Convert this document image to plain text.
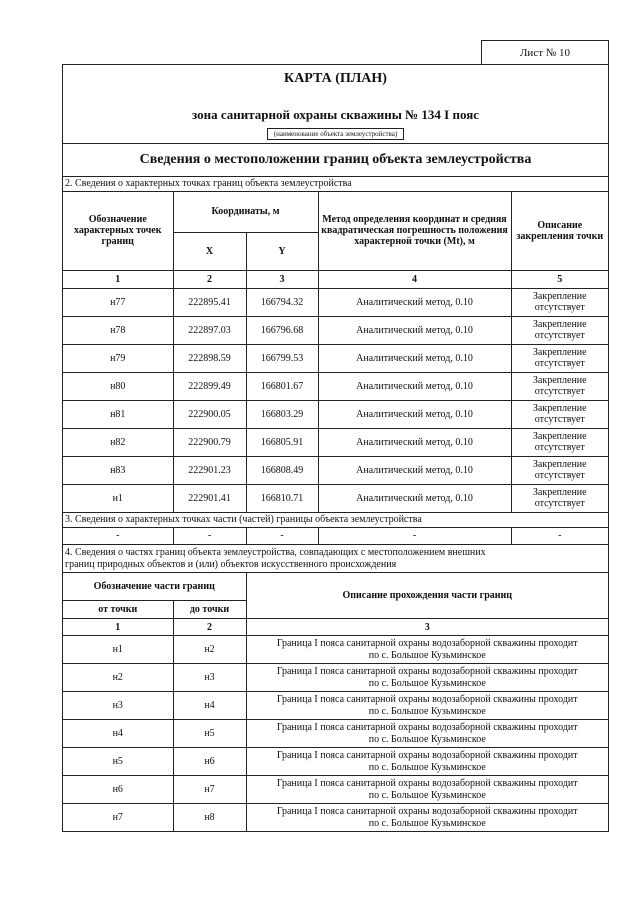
Лист № 10
КАРТА (ПЛАН)
зона санитарной охраны скважины № 134 I пояс
(наименование объекта землеустройства)
Сведения о местоположении границ объекта землеустройства
2. Сведения о характерных точках границ объекта землеустройства
Обозначение характерных точек границ	Координаты, м		Метод определения координат и средняя квадратическая погрешность положения характерной точки (Mt), м	Описание закрепления точки
	X	Y		
1	2	3	4	5
н77	222895.41	166794.32	Аналитический метод, 0.10	Закрепление
отсутствует
н78	222897.03	166796.68	Аналитический метод, 0.10	Закрепление
отсутствует
н79	222898.59	166799.53	Аналитический метод, 0.10	Закрепление
отсутствует
н80	222899.49	166801.67	Аналитический метод, 0.10	Закрепление
отсутствует
н81	222900.05	166803.29	Аналитический метод, 0.10	Закрепление
отсутствует
н82	222900.79	166805.91	Аналитический метод, 0.10	Закрепление
отсутствует
н83	222901.23	166808.49	Аналитический метод, 0.10	Закрепление
отсутствует
н1	222901.41	166810.71	Аналитический метод, 0.10	Закрепление
отсутствует
3. Сведения о характерных точках части (частей) границы объекта землеустройства
-	-	-	-	-
4. Сведения о частях границ объекта землеустройства, совпадающих с местоположением внешних
границ природных объектов и (или) объектов искусственного происхождения
Обозначение части границ		Описание прохождения части границ
от точки	до точки	
1	2	3
н1	н2	Граница I пояса санитарной охраны водозаборной скважины проходит
по с. Большое Кузьминское
н2	н3	Граница I пояса санитарной охраны водозаборной скважины проходит
по с. Большое Кузьминское
н3	н4	Граница I пояса санитарной охраны водозаборной скважины проходит
по с. Большое Кузьминское
н4	н5	Граница I пояса санитарной охраны водозаборной скважины проходит
по с. Большое Кузьминское
н5	н6	Граница I пояса санитарной охраны водозаборной скважины проходит
по с. Большое Кузьминское
н6	н7	Граница I пояса санитарной охраны водозаборной скважины проходит
по с. Большое Кузьминское
н7	н8	Граница I пояса санитарной охраны водозаборной скважины проходит
по с. Большое Кузьминское
